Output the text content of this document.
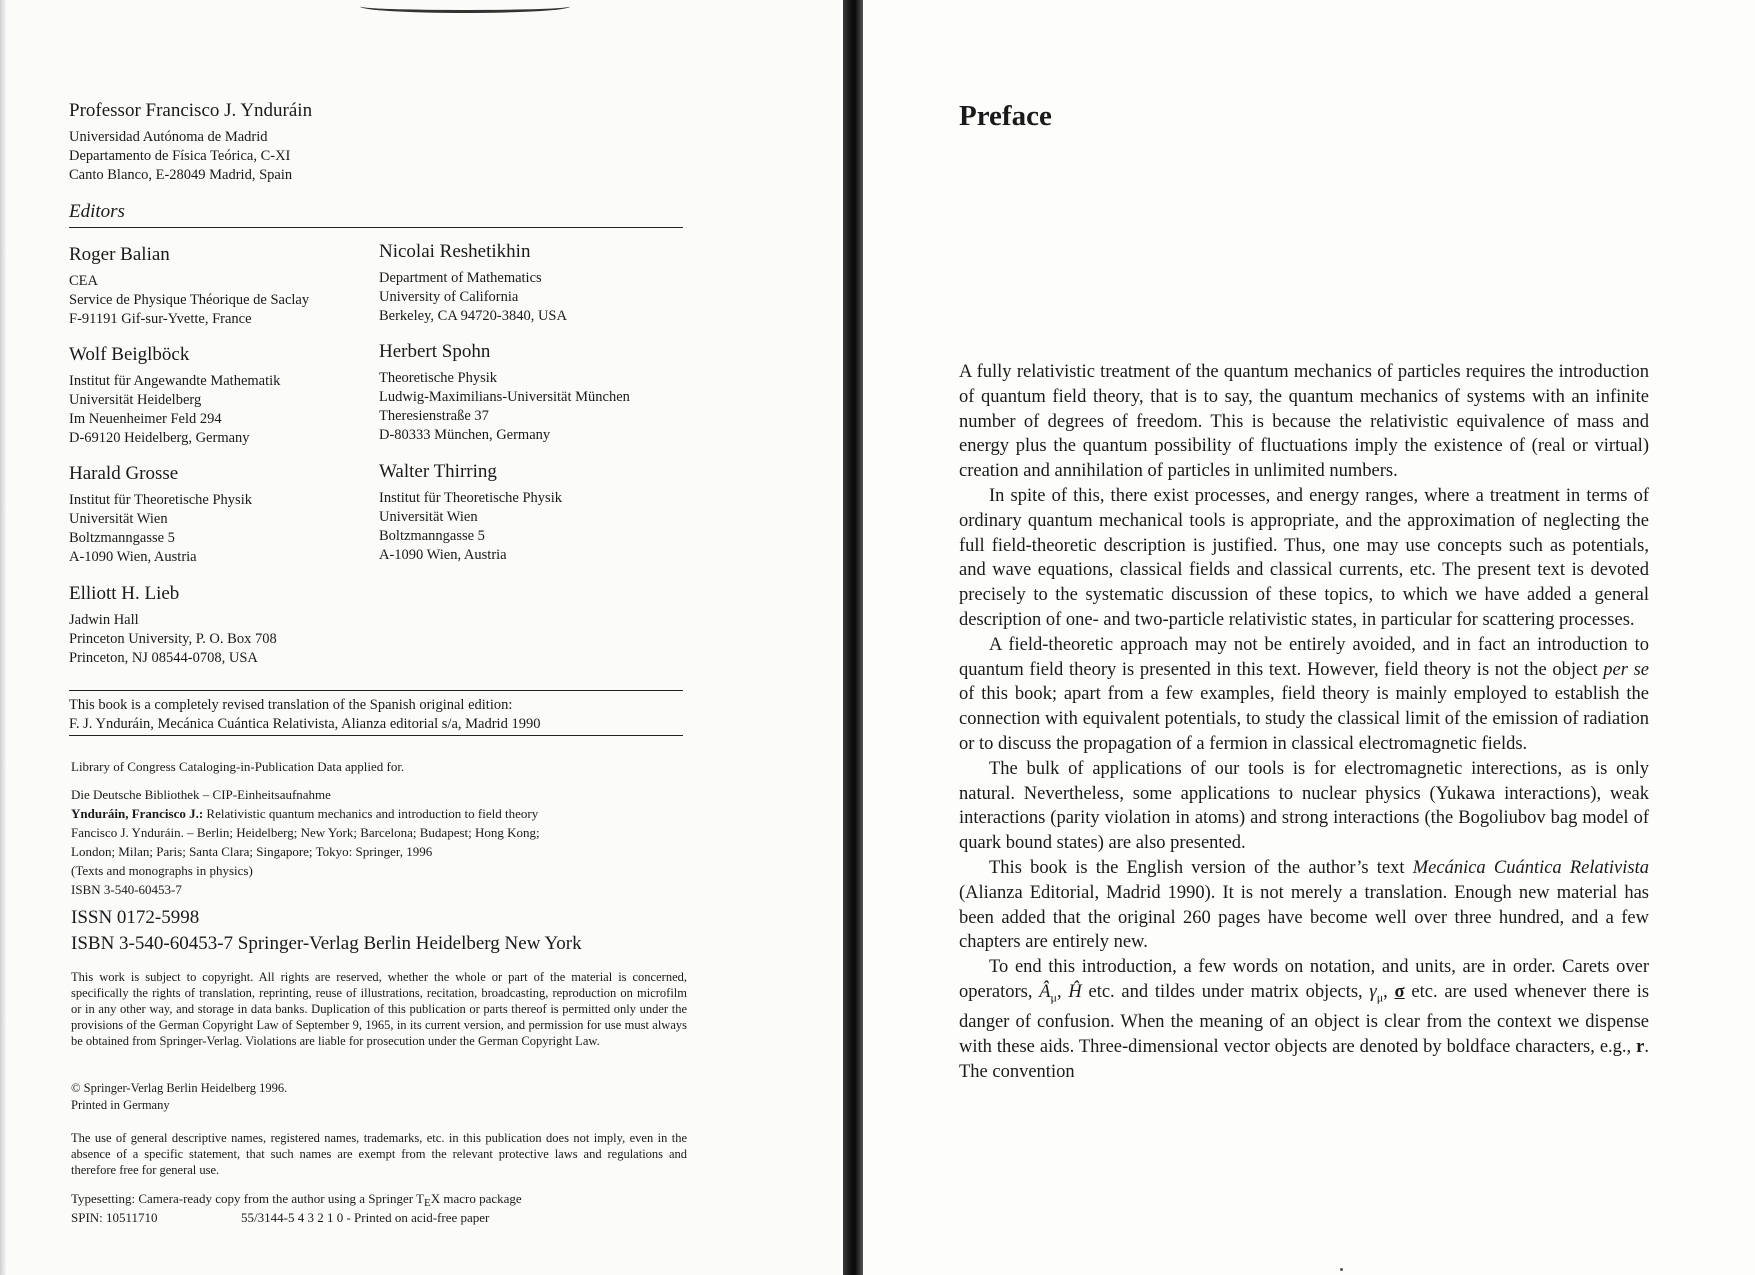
Professor Francisco J. Ynduráin
Universidad Autónoma de Madrid
Departamento de Física Teórica, C-XI
Canto Blanco, E-28049 Madrid, Spain
Editors
Roger Balian
CEA
Service de Physique Théorique de Saclay
F-91191 Gif-sur-Yvette, France
Nicolai Reshetikhin
Department of Mathematics
University of California
Berkeley, CA 94720-3840, USA
Wolf Beiglböck
Institut für Angewandte Mathematik
Universität Heidelberg
Im Neuenheimer Feld 294
D-69120 Heidelberg, Germany
Herbert Spohn
Theoretische Physik
Ludwig-Maximilians-Universität München
Theresienstraße 37
D-80333 München, Germany
Harald Grosse
Institut für Theoretische Physik
Universität Wien
Boltzmanngasse 5
A-1090 Wien, Austria
Walter Thirring
Institut für Theoretische Physik
Universität Wien
Boltzmanngasse 5
A-1090 Wien, Austria
Elliott H. Lieb
Jadwin Hall
Princeton University, P. O. Box 708
Princeton, NJ 08544-0708, USA
This book is a completely revised translation of the Spanish original edition:
F. J. Ynduráin, Mecánica Cuántica Relativista, Alianza editorial s/a, Madrid 1990
Library of Congress Cataloging-in-Publication Data applied for.
Die Deutsche Bibliothek – CIP-Einheitsaufnahme
Ynduráin, Francisco J.: Relativistic quantum mechanics and introduction to field theory
Fancisco J. Ynduráin. – Berlin; Heidelberg; New York; Barcelona; Budapest; Hong Kong;
London; Milan; Paris; Santa Clara; Singapore; Tokyo: Springer, 1996
(Texts and monographs in physics)
ISBN 3-540-60453-7
ISSN 0172-5998
ISBN 3-540-60453-7 Springer-Verlag Berlin Heidelberg New York
This work is subject to copyright. All rights are reserved, whether the whole or part of the material is concerned, specifically the rights of translation, reprinting, reuse of illustrations, recitation, broadcasting, reproduction on microfilm or in any other way, and storage in data banks. Duplication of this publication or parts thereof is permitted only under the provisions of the German Copyright Law of September 9, 1965, in its current version, and permission for use must always be obtained from Springer-Verlag. Violations are liable for prosecution under the German Copyright Law.
© Springer-Verlag Berlin Heidelberg 1996.
Printed in Germany
The use of general descriptive names, registered names, trademarks, etc. in this publication does not imply, even in the absence of a specific statement, that such names are exempt from the relevant protective laws and regulations and therefore free for general use.
Typesetting: Camera-ready copy from the author using a Springer $T_EX$ macro package
SPIN: 10511710	55/3144-5 4 3 2 1 0 - Printed on acid-free paper
Preface

A fully relativistic treatment of the quantum mechanics of particles requires the introduction of quantum field theory, that is to say, the quantum mechanics of systems with an infinite number of degrees of freedom. This is because the relativistic equivalence of mass and energy plus the quantum possibility of fluctuations imply the existence of (real or virtual) creation and annihilation of particles in unlimited numbers.

In spite of this, there exist processes, and energy ranges, where a treatment in terms of ordinary quantum mechanical tools is appropriate, and the approximation of neglecting the full field-theoretic description is justified. Thus, one may use concepts such as potentials, and wave equations, classical fields and classical currents, etc. The present text is devoted precisely to the systematic discussion of these topics, to which we have added a general description of one- and two-particle relativistic states, in particular for scattering processes.

A field-theoretic approach may not be entirely avoided, and in fact an introduction to quantum field theory is presented in this text. However, field theory is not the object per se of this book; apart from a few examples, field theory is mainly employed to establish the connection with equivalent potentials, to study the classical limit of the emission of radiation or to discuss the propagation of a fermion in classical electromagnetic fields.

The bulk of applications of our tools is for electromagnetic interections, as is only natural. Nevertheless, some applications to nuclear physics (Yukawa interactions), weak interactions (parity violation in atoms) and strong interactions (the Bogoliubov bag model of quark bound states) are also presented.

This book is the English version of the author’s text Mecánica Cuántica Relativista (Alianza Editorial, Madrid 1990). It is not merely a translation. Enough new material has been added that the original 260 pages have become well over three hundred, and a few chapters are entirely new.

To end this introduction, a few words on notation, and units, are in order. Carets over operators, $Â_\mu$, Ĥ etc. and tildes under matrix objects, $\gamma_\mu$, σ etc. are used whenever there is danger of confusion. When the meaning of an object is clear from the context we dispense with these aids. Three-dimensional vector objects are denoted by boldface characters, e.g., r. The convention
